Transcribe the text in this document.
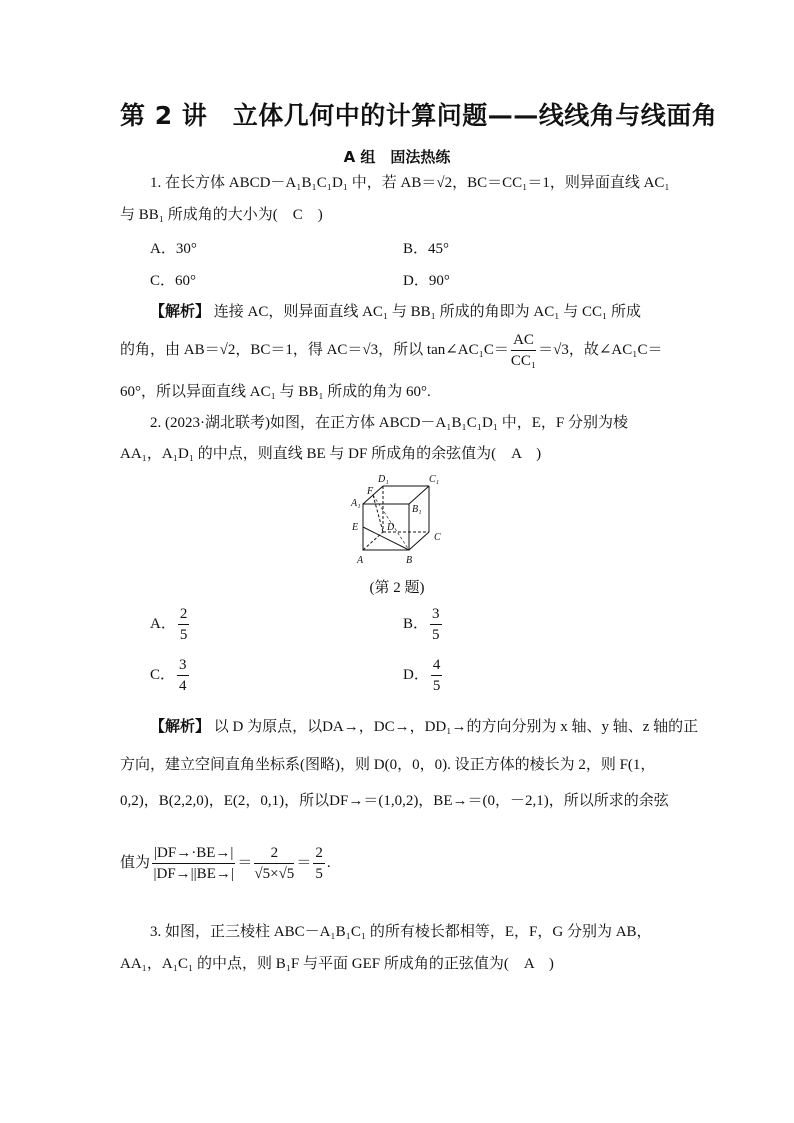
第 2 讲　立体几何中的计算问题——线线角与线面角
A 组　固法热练
1. 在长方体 ABCD－A₁B₁C₁D₁ 中，若 AB＝√2，BC＝CC₁＝1，则异面直线 AC₁
与 BB₁ 所成角的大小为(　C　)
A．30°	B．45°
C．60°	D．90°
【解析】 连接 AC，则异面直线 AC₁ 与 BB₁ 所成的角即为 AC₁ 与 CC₁ 所成
的角，由 AB＝√2，BC＝1，得 AC＝√3，所以 tan∠AC₁C＝ $\frac{AC}{\text{CC₁}} =√3$，故∠AC₁C＝
60°，所以异面直线 AC₁ 与 BB₁ 所成的角为 60°.
2. (2023·湖北联考)如图，在正方体 ABCD－A₁B₁C₁D₁ 中，E，F 分别为棱
AA₁，A₁D₁ 的中点，则直线 BE 与 DF 所成角的余弦值为(　A　)
D₁	C₁
A₁
F
B₁
D
E
C
A	B
(第 2 题)
A． $\frac{2}{5}$	B． $\frac{3}{5}$
C． $\frac{3}{4}$	D． $\frac{4}{5}$
【解析】 以 D 为原点，以DA→，DC→，DD₁→的方向分别为 x 轴、y 轴、z 轴的正
方向，建立空间直角坐标系(图略)，则 D(0，0，0). 设正方体的棱长为 2，则 F(1，
0,2)，B(2,2,0)，E(2，0,1)，所以DF→＝(1,0,2)，BE→＝(0，－2,1)，所以所求的余弦
值为 $\frac{|DF\to\cdot BE\to|}{|DF\to||BE\to|} = \frac{2}{√5\times√5} = \frac{2}{5}$ .
3. 如图，正三棱柱 ABC－A₁B₁C₁ 的所有棱长都相等，E，F，G 分别为 AB，
AA₁，A₁C₁ 的中点，则 B₁F 与平面 GEF 所成角的正弦值为(　A　)
